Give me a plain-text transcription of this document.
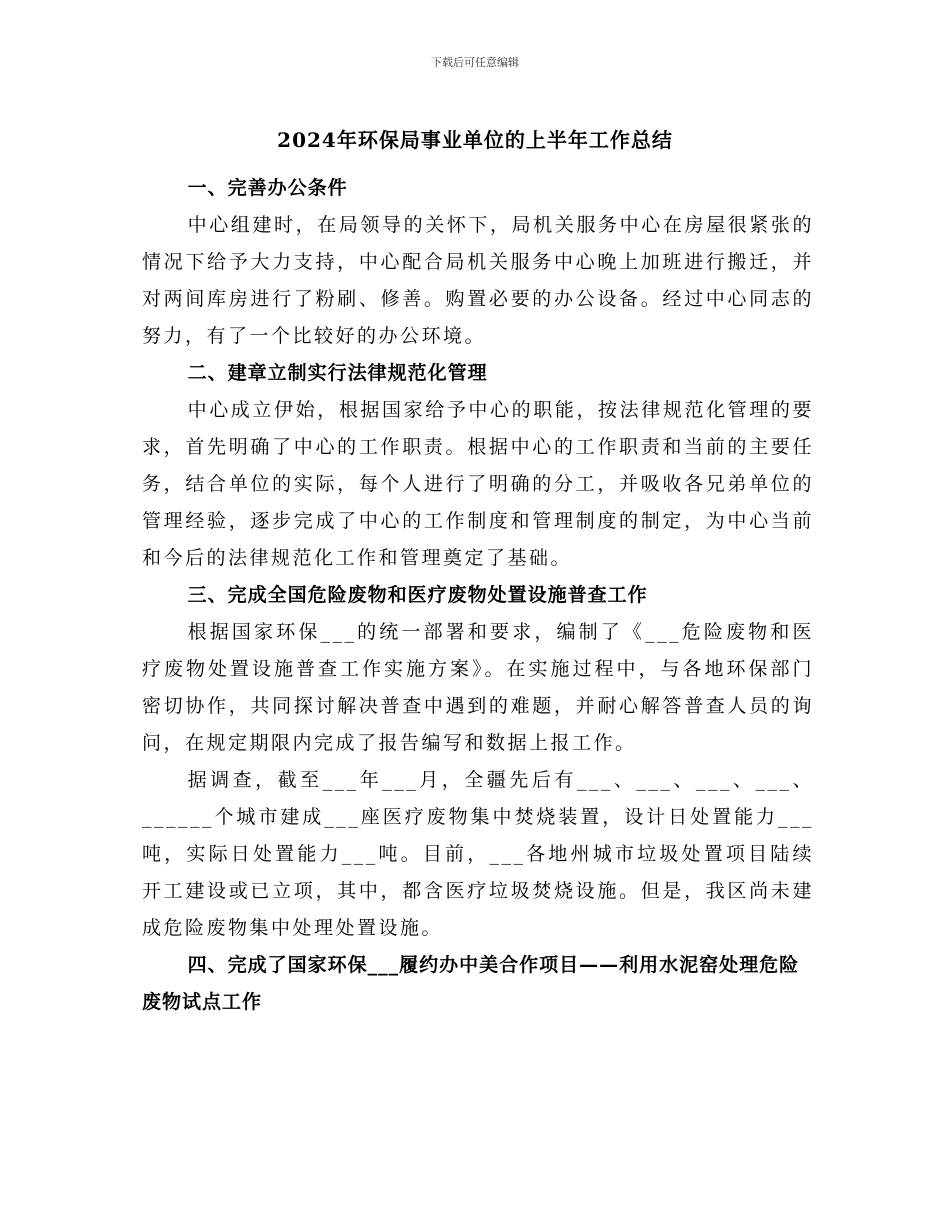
下载后可任意编辑
2024年环保局事业单位的上半年工作总结

一、完善办公条件

中心组建时，在局领导的关怀下，局机关服务中心在房屋很紧张的情况下给予大力支持，中心配合局机关服务中心晚上加班进行搬迁，并对两间库房进行了粉刷、修善。购置必要的办公设备。经过中心同志的努力，有了一个比较好的办公环境。

二、建章立制实行法律规范化管理

中心成立伊始，根据国家给予中心的职能，按法律规范化管理的要求，首先明确了中心的工作职责。根据中心的工作职责和当前的主要任务，结合单位的实际，每个人进行了明确的分工，并吸收各兄弟单位的管理经验，逐步完成了中心的工作制度和管理制度的制定，为中心当前和今后的法律规范化工作和管理奠定了基础。

三、完成全国危险废物和医疗废物处置设施普查工作

根据国家环保___的统一部署和要求，编制了《___危险废物和医疗废物处置设施普查工作实施方案》。在实施过程中，与各地环保部门密切协作，共同探讨解决普查中遇到的难题，并耐心解答普查人员的询问，在规定期限内完成了报告编写和数据上报工作。

据调查，截至___年___月，全疆先后有___、___、___、___、______个城市建成___座医疗废物集中焚烧装置，设计日处置能力___吨，实际日处置能力___吨。目前，___各地州城市垃圾处置项目陆续开工建设或已立项，其中，都含医疗垃圾焚烧设施。但是，我区尚未建成危险废物集中处理处置设施。

四、完成了国家环保___履约办中美合作项目——利用水泥窑处理危险废物试点工作
